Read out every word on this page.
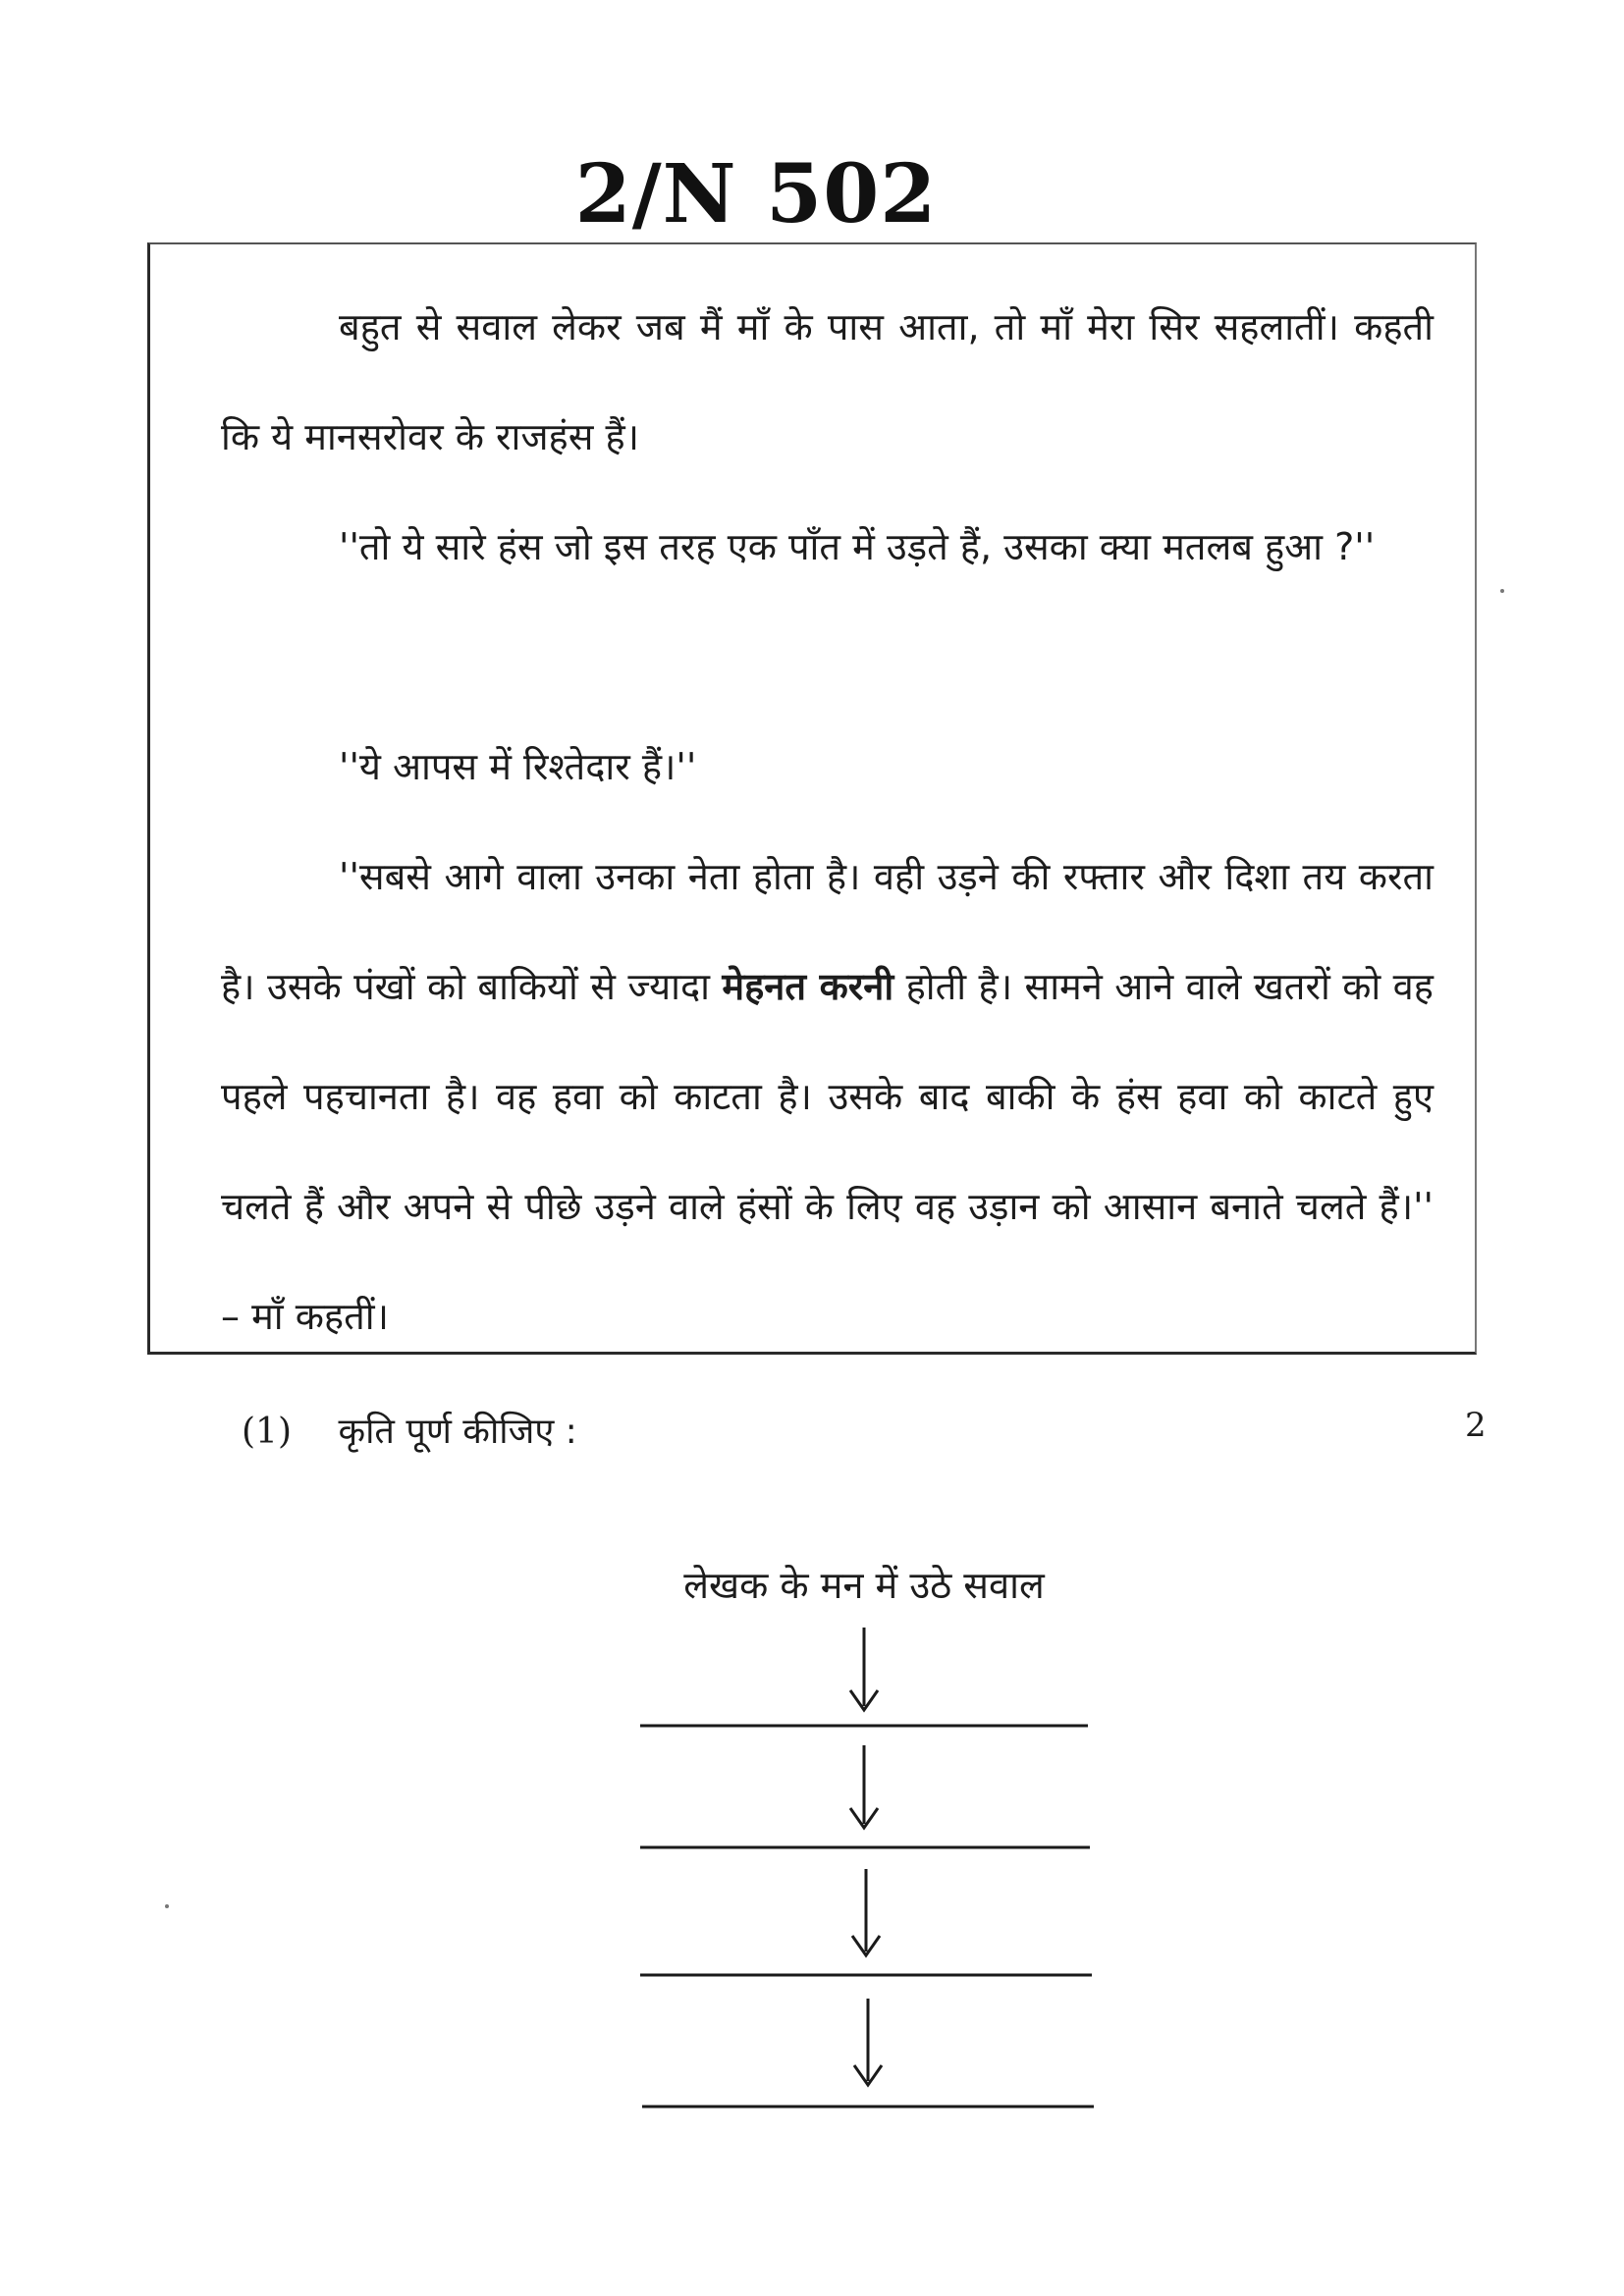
2/N 502

बहुत से सवाल लेकर जब मैं माँ के पास आता, तो माँ मेरा सिर सहलातीं। कहती कि ये मानसरोवर के राजहंस हैं।

''तो ये सारे हंस जो इस तरह एक पाँत में उड़ते हैं, उसका क्या मतलब हुआ ?''

''ये आपस में रिश्तेदार हैं।''

''सबसे आगे वाला उनका नेता होता है। वही उड़ने की रफ्तार और दिशा तय करता है। उसके पंखों को बाकियों से ज्यादा मेहनत करनी होती है। सामने आने वाले खतरों को वह पहले पहचानता है। वह हवा को काटता है। उसके बाद बाकी के हंस हवा को काटते हुए चलते हैं और अपने से पीछे उड़ने वाले हंसों के लिए वह उड़ान को आसान बनाते चलते हैं।'' – माँ कहतीं।

(1) कृति पूर्ण कीजिए :	2
लेखक के मन में उठे सवाल
